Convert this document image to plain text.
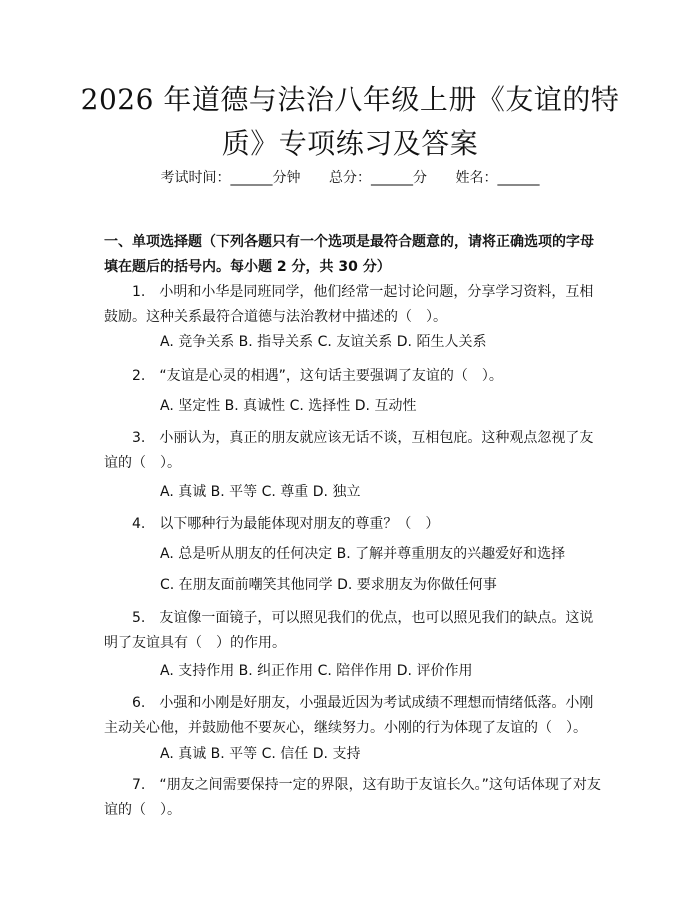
2026 年道德与法治八年级上册《友谊的特质》专项练习及答案
考试时间：______分钟 总分：______分 姓名：______
一、单项选择题（下列各题只有一个选项是最符合题意的，请将正确选项的字母填在题后的括号内。每小题 2 分，共 30 分）
1.　小明和小华是同班同学，他们经常一起讨论问题，分享学习资料，互相鼓励。这种关系最符合道德与法治教材中描述的（　）。
A. 竞争关系 B. 指导关系 C. 友谊关系 D. 陌生人关系
2.　“友谊是心灵的相遇”，这句话主要强调了友谊的（　）。
A. 坚定性 B. 真诚性 C. 选择性 D. 互动性
3.　小丽认为，真正的朋友就应该无话不谈，互相包庇。这种观点忽视了友谊的（　）。
A. 真诚 B. 平等 C. 尊重 D. 独立
4.　以下哪种行为最能体现对朋友的尊重？（　）
A. 总是听从朋友的任何决定 B. 了解并尊重朋友的兴趣爱好和选择
C. 在朋友面前嘲笑其他同学 D. 要求朋友为你做任何事
5.　友谊像一面镜子，可以照见我们的优点，也可以照见我们的缺点。这说明了友谊具有（　）的作用。
A. 支持作用 B. 纠正作用 C. 陪伴作用 D. 评价作用
6.　小强和小刚是好朋友，小强最近因为考试成绩不理想而情绪低落。小刚主动关心他，并鼓励他不要灰心，继续努力。小刚的行为体现了友谊的（　）。
A. 真诚 B. 平等 C. 信任 D. 支持
7.　“朋友之间需要保持一定的界限，这有助于友谊长久。”这句话体现了对友谊的（　）。
